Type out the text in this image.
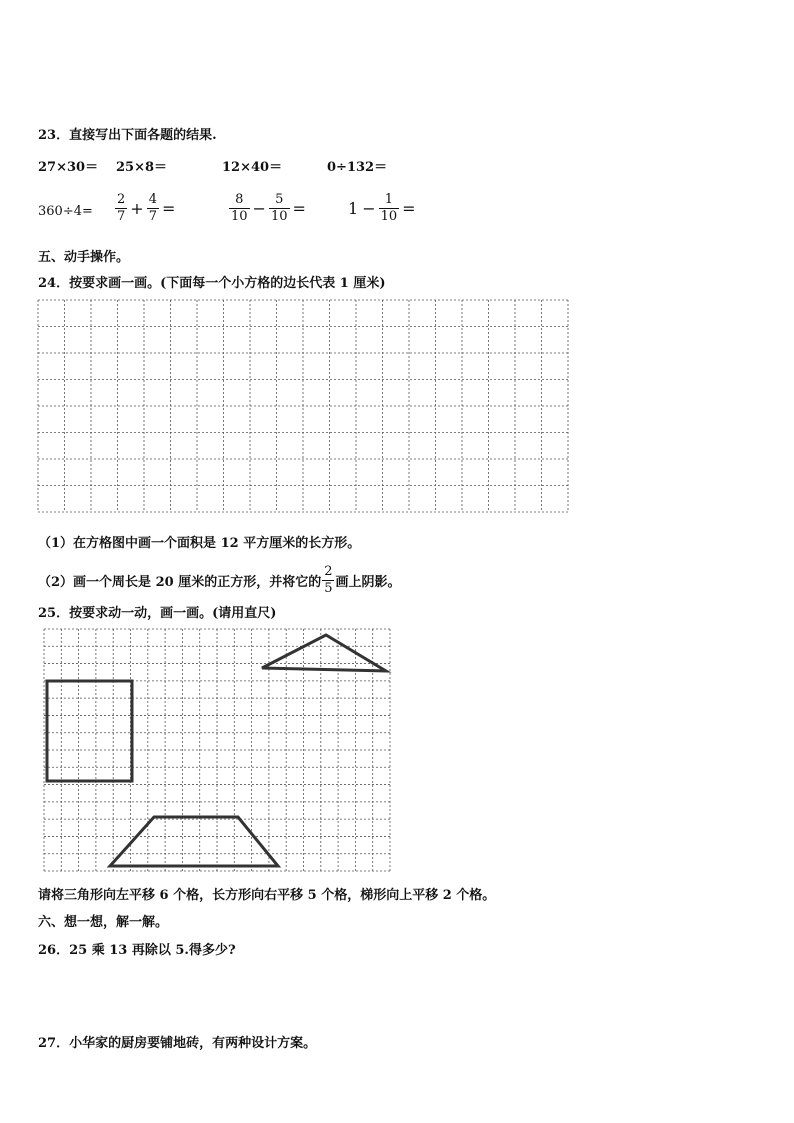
23．直接写出下面各题的结果.
27×30＝ 25×8＝	12×40＝	0÷132＝
$360\div 4= \frac{2}{7} + \frac{4}{7}$ =	$\frac{8}{10} - \frac{5}{10}$ =	$1 - \frac{1}{10}$ =
五、动手操作。
24．按要求画一画。(下面每一个小方格的边长代表 1 厘米)
（1）在方格图中画一个面积是 12 平方厘米的长方形。
（2）画一个周长是 20 厘米的正方形，并将它的 $\frac{2}{5}$ 画上阴影。
25．按要求动一动，画一画。(请用直尺)
请将三角形向左平移 6 个格，长方形向右平移 5 个格，梯形向上平移 2 个格。
六、想一想，解一解。
26．25 乘 13 再除以 5.得多少?
27．小华家的厨房要铺地砖，有两种设计方案。
